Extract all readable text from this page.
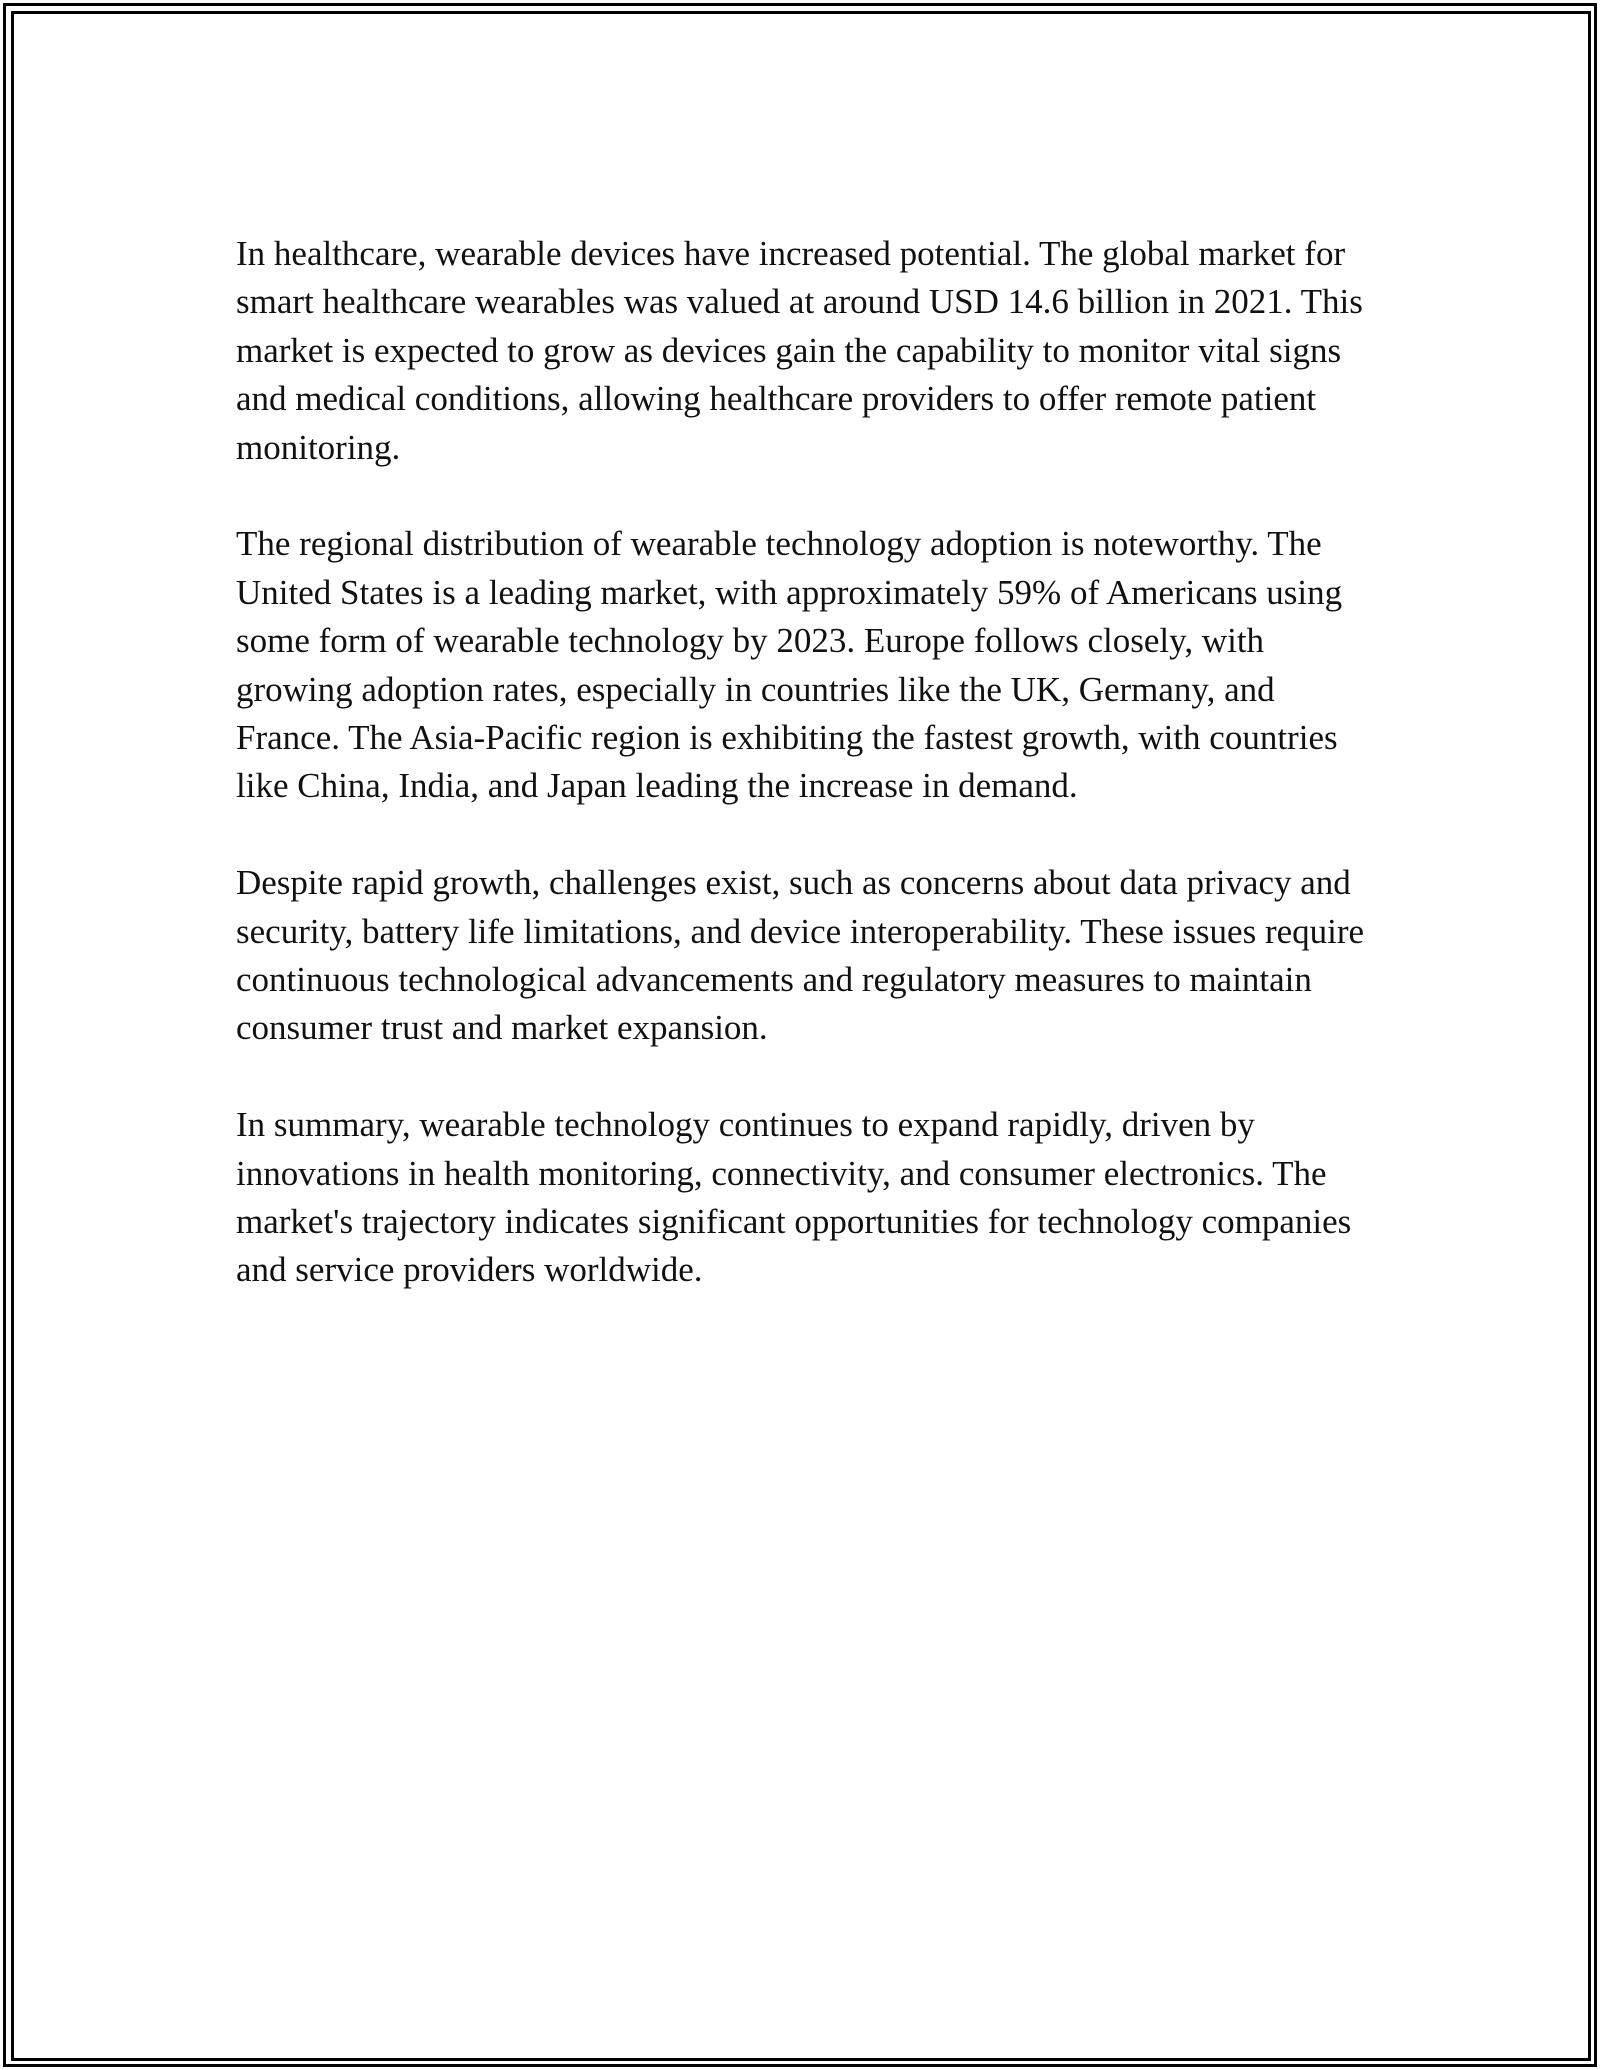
In healthcare, wearable devices have increased potential. The global market for smart healthcare wearables was valued at around USD 14.6 billion in 2021. This market is expected to grow as devices gain the capability to monitor vital signs and medical conditions, allowing healthcare providers to offer remote patient monitoring.

The regional distribution of wearable technology adoption is noteworthy. The United States is a leading market, with approximately 59% of Americans using some form of wearable technology by 2023. Europe follows closely, with growing adoption rates, especially in countries like the UK, Germany, and France. The Asia-Pacific region is exhibiting the fastest growth, with countries like China, India, and Japan leading the increase in demand.

Despite rapid growth, challenges exist, such as concerns about data privacy and security, battery life limitations, and device interoperability. These issues require continuous technological advancements and regulatory measures to maintain consumer trust and market expansion.

In summary, wearable technology continues to expand rapidly, driven by innovations in health monitoring, connectivity, and consumer electronics. The market's trajectory indicates significant opportunities for technology companies and service providers worldwide.
